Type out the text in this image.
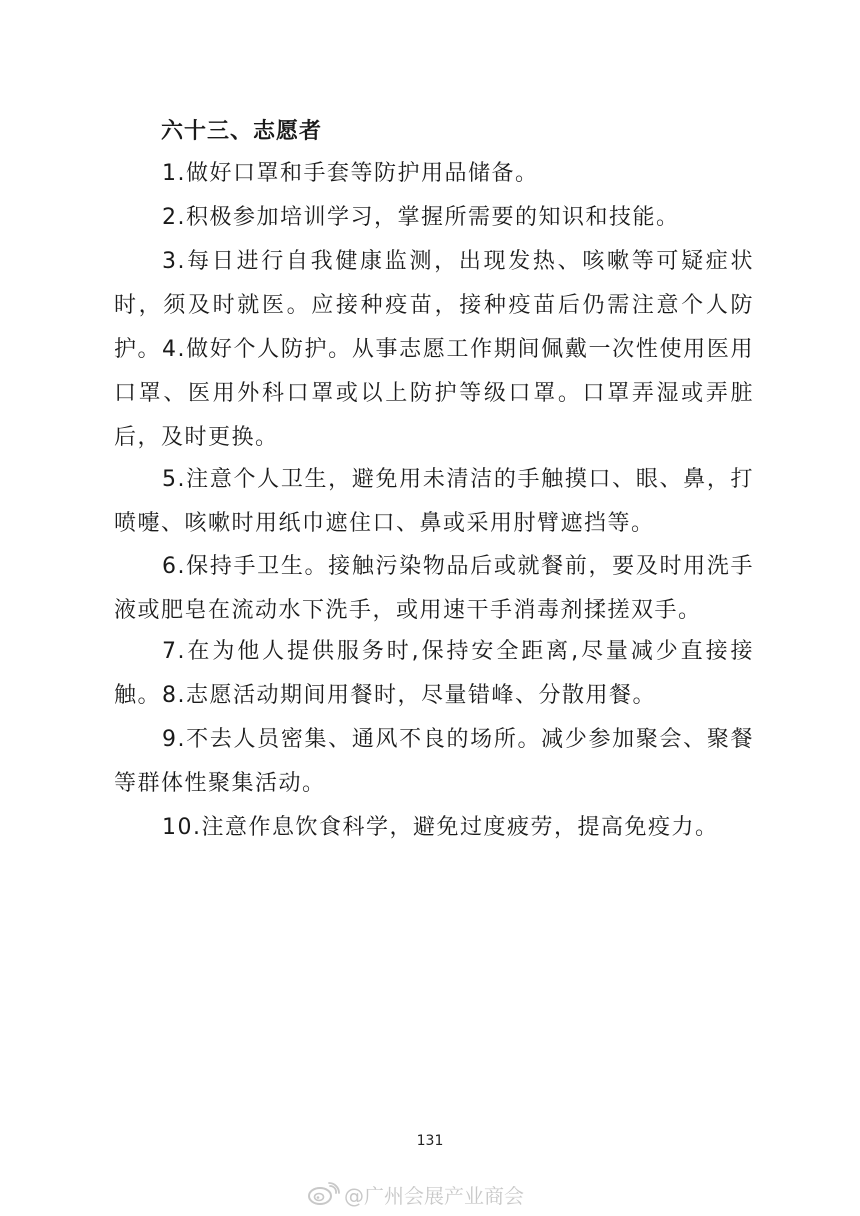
六十三、志愿者

1.做好口罩和手套等防护用品储备。

2.积极参加培训学习，掌握所需要的知识和技能。

3.每日进行自我健康监测，出现发热、咳嗽等可疑症状时，须及时就医。应接种疫苗，接种疫苗后仍需注意个人防护。 4.做好个人防护。从事志愿工作期间佩戴一次性使用医用口罩、医用外科口罩或以上防护等级口罩。口罩弄湿或弄脏后，及时更换。

5.注意个人卫生，避免用未清洁的手触摸口、眼、鼻，打喷嚏、咳嗽时用纸巾遮住口、鼻或采用肘臂遮挡等。

6.保持手卫生。接触污染物品后或就餐前，要及时用洗手液或肥皂在流动水下洗手，或用速干手消毒剂揉搓双手。

7.在为他人提供服务时,保持安全距离,尽量减少直接接触。 8.志愿活动期间用餐时，尽量错峰、分散用餐。

9.不去人员密集、通风不良的场所。减少参加聚会、聚餐等群体性聚集活动。

10.注意作息饮食科学，避免过度疲劳，提高免疫力。

131
@广州会展产业商会
